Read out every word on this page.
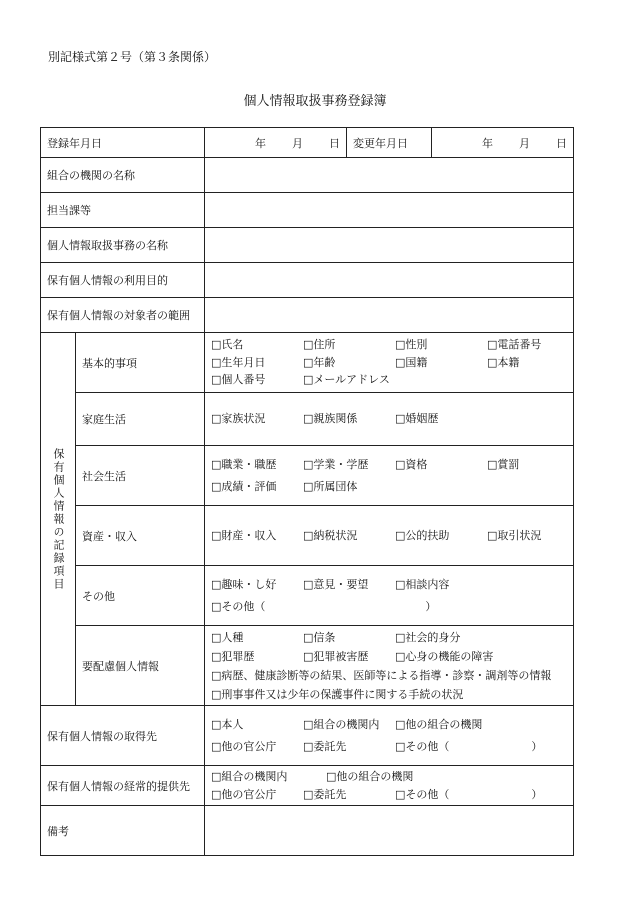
別記様式第２号（第３条関係）
個人情報取扱事務登録簿
登録年月日		年 月 日	変更年月日	年 月 日

組合の機関の名称				
担当課等				
個人情報取扱事務の名称				
保有個人情報の利用目的				
保有個人情報の対象者の範囲				
保有個人情報の記録項目	基本的事項	□氏名 □住所 □性別 □電話番号
□生年月日 □年齢 □国籍 □本籍
□個人番号 □メールアドレス		

	家庭生活	□家族状況 □親族関係 □婚姻歴		

	社会生活	□職業・職歴 □学業・学歴 □資格 □賞罰
□成績・評価 □所属団体		

	資産・収入	□財産・収入 □納税状況 □公的扶助 □取引状況		

	その他	□趣味・し好 □意見・要望 □相談内容
□その他（ ）		

	要配慮個人情報	□人種 □信条 □社会的身分
□犯罪歴 □犯罪被害歴 □心身の機能の障害
□病歴、健康診断等の結果、医師等による指導・診察・調剤等の情報
□刑事事件又は少年の保護事件に関する手続の状況		

保有個人情報の取得先		□本人 □組合の機関内 □他の組合の機関
□他の官公庁 □委託先 □その他（ ）		

保有個人情報の経常的提供先		□組合の機関内 □他の組合の機関
□他の官公庁 □委託先 □その他（ ）		

備考				
